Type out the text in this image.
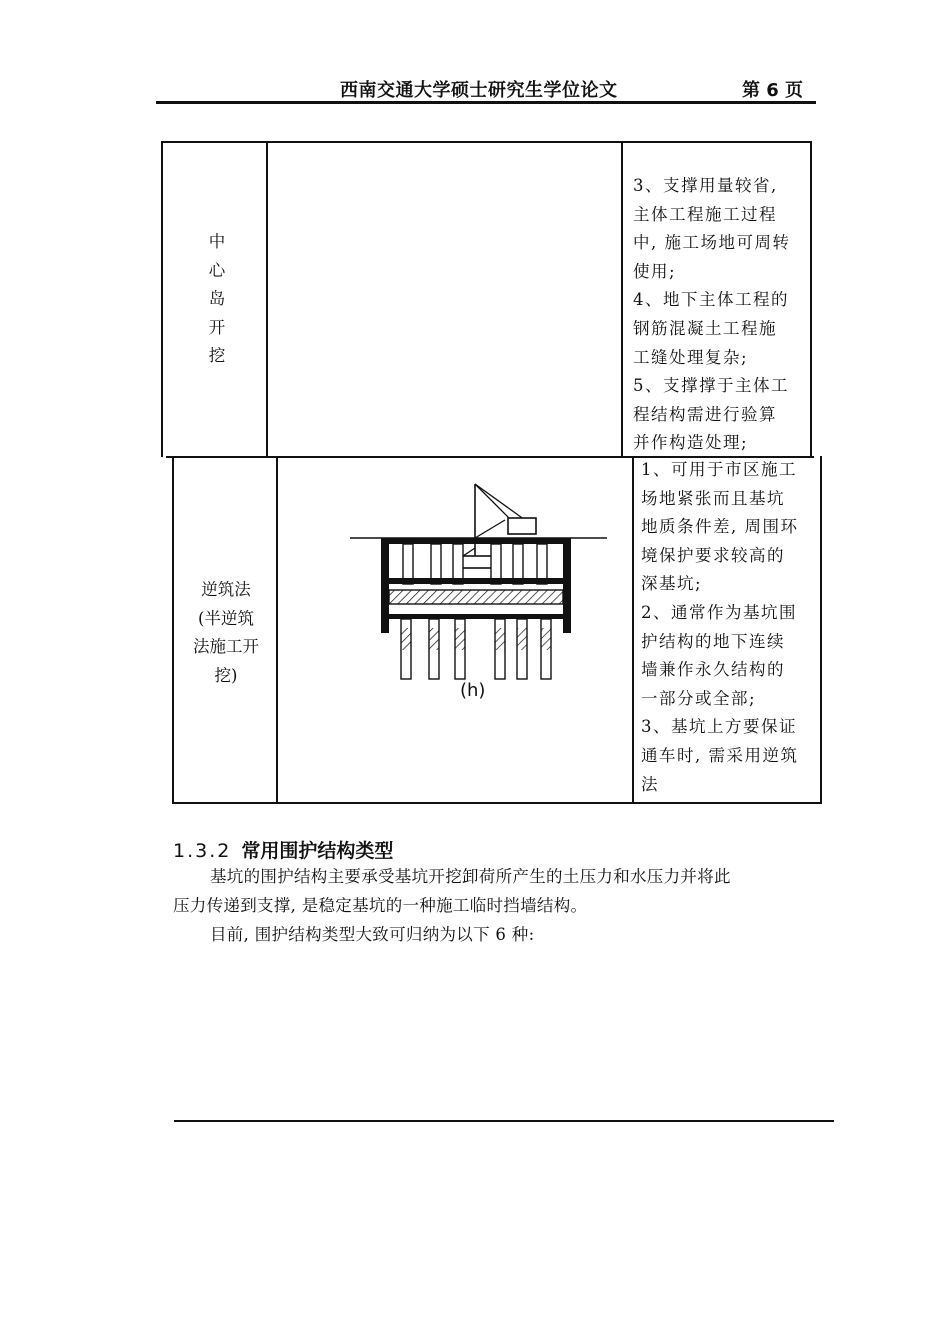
西南交通大学硕士研究生学位论文	第 6 页
中
心
岛
开
挖
3、支撑用量较省,
主体工程施工过程
中, 施工场地可周转
使用;
4、地下主体工程的
钢筋混凝土工程施
工缝处理复杂;
5、支撑撑于主体工
程结构需进行验算
并作构造处理;
逆筑法
(半逆筑
法施工开
挖)
(h)
1、可用于市区施工
场地紧张而且基坑
地质条件差, 周围环
境保护要求较高的
深基坑;
2、通常作为基坑围
护结构的地下连续
墙兼作永久结构的
一部分或全部;
3、基坑上方要保证
通车时, 需采用逆筑
法
1.3.2 常用围护结构类型
基坑的围护结构主要承受基坑开挖卸荷所产生的土压力和水压力并将此
压力传递到支撑, 是稳定基坑的一种施工临时挡墙结构。
目前, 围护结构类型大致可归纳为以下 6 种:
